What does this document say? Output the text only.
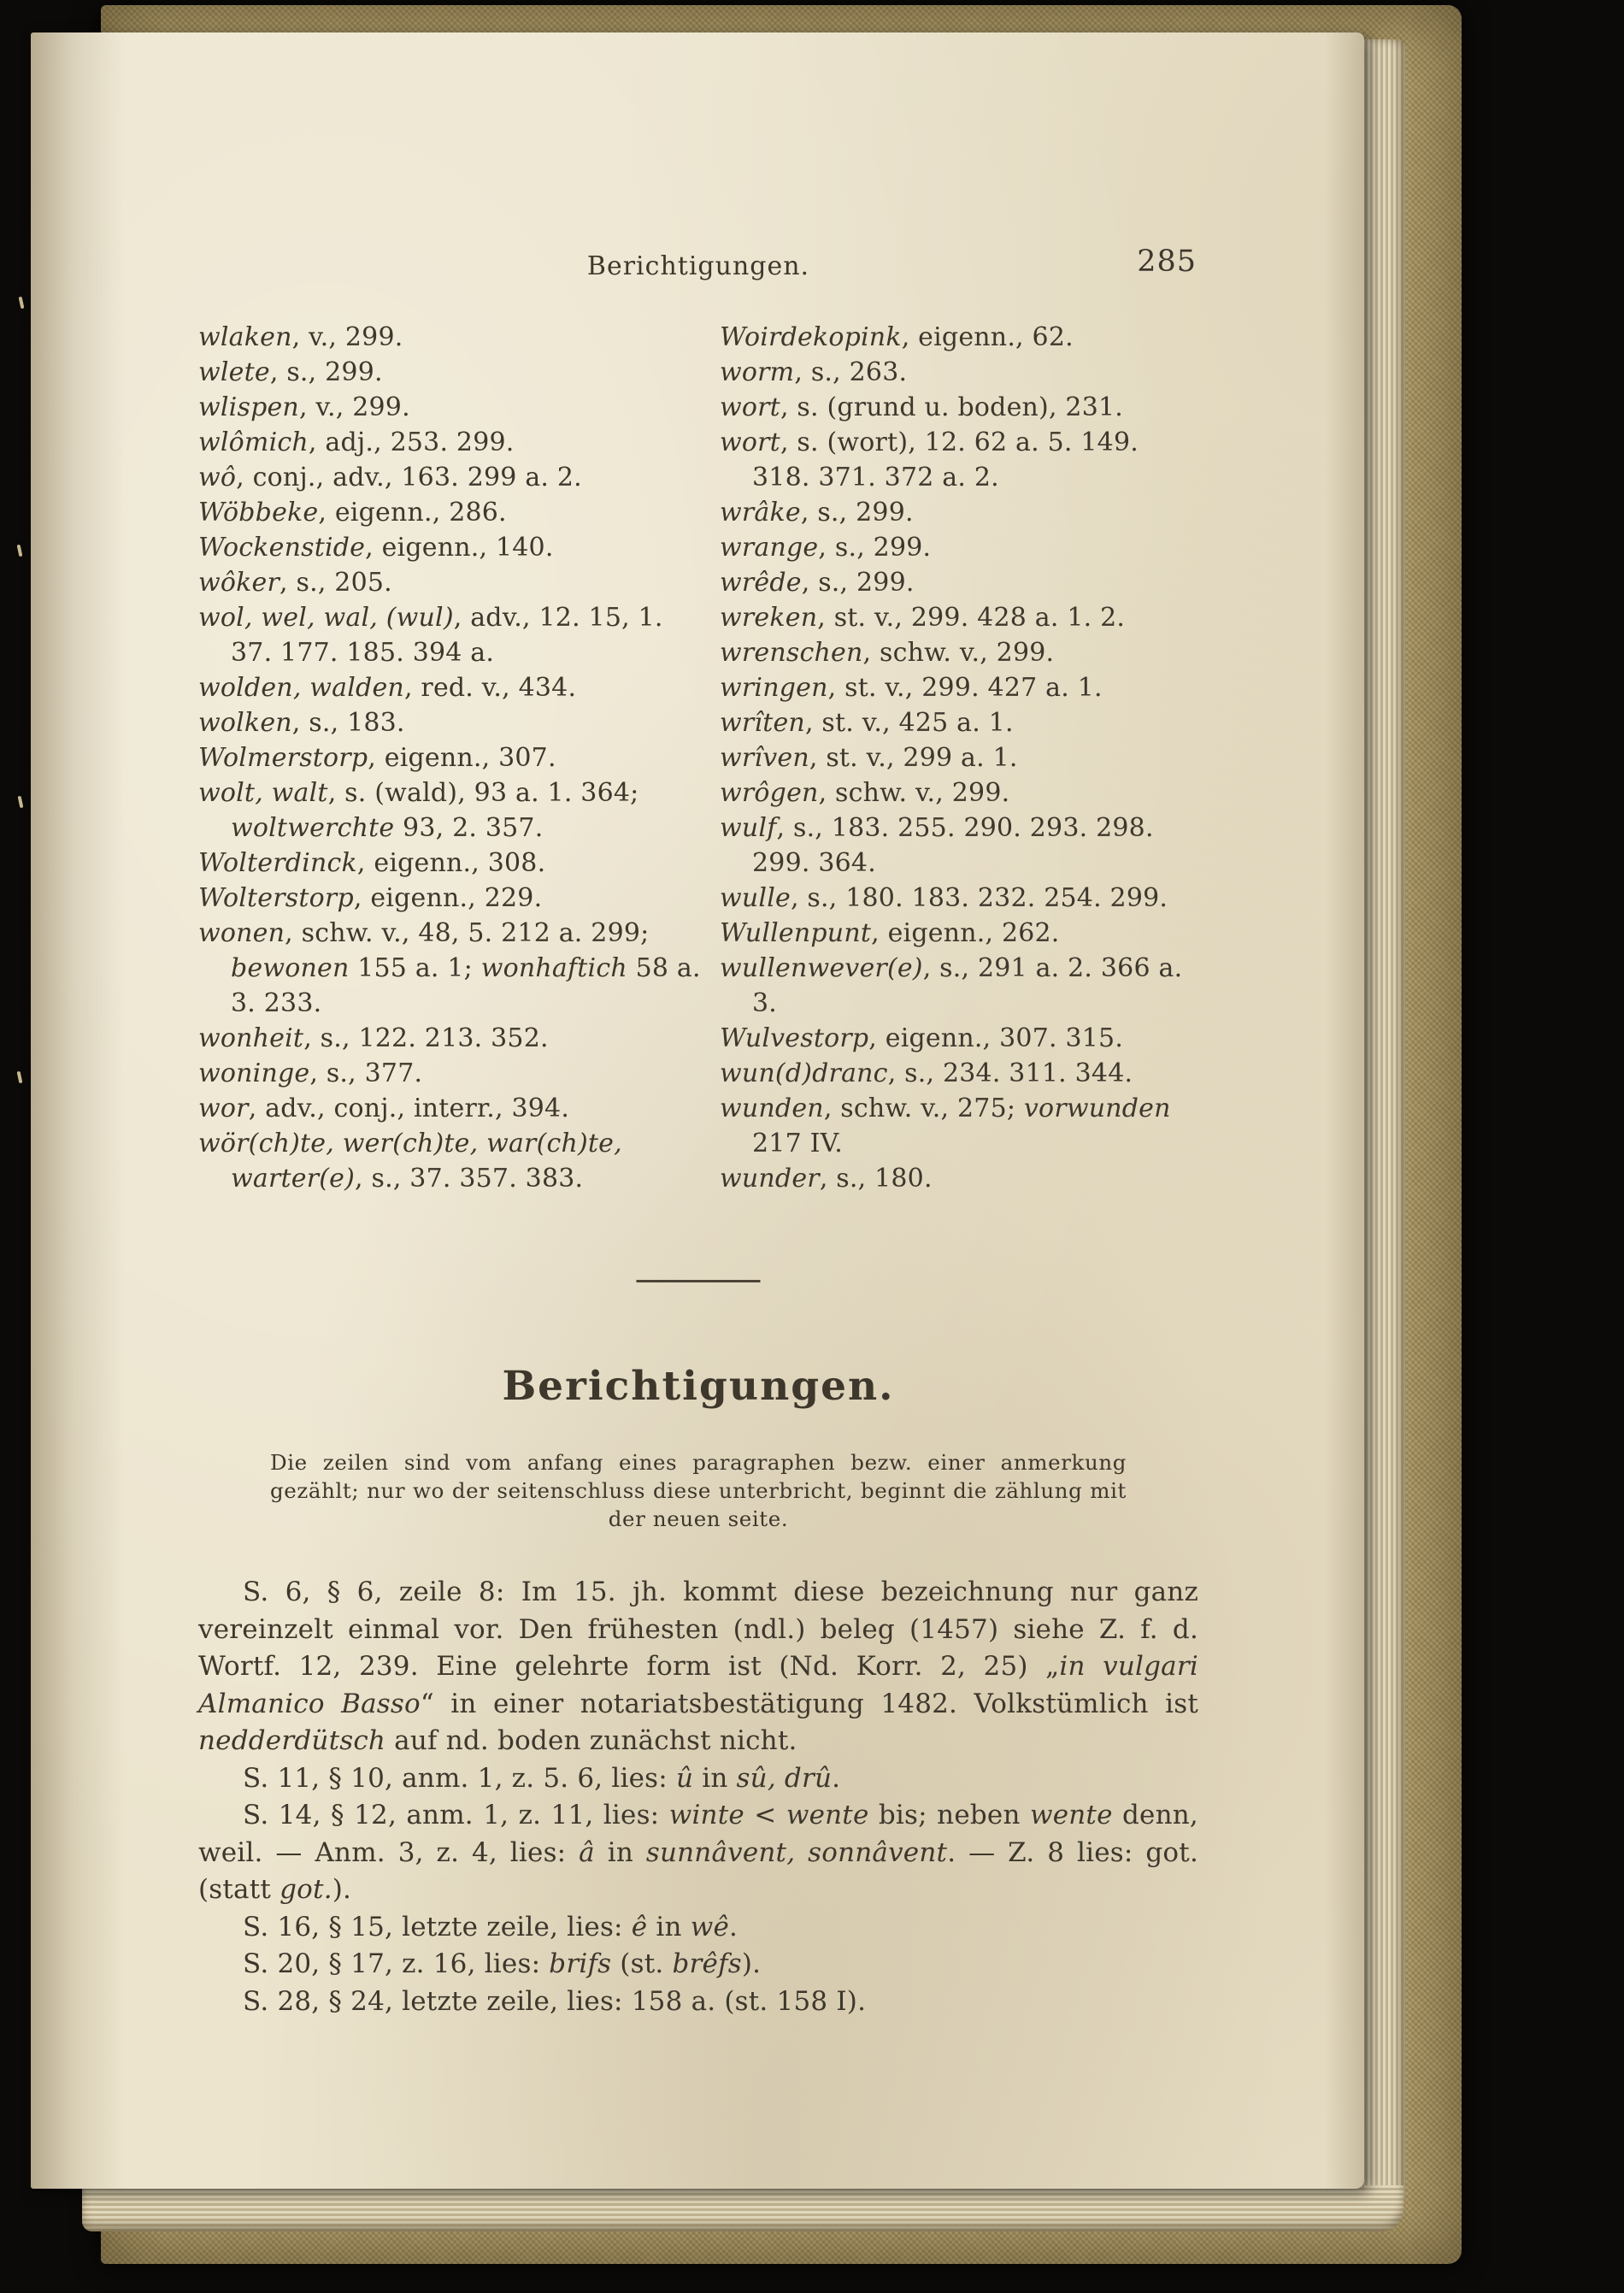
Berichtigungen.	285
wlaken, v., 299.
wlete, s., 299.
wlispen, v., 299.
wlômich, adj., 253. 299.
wô, conj., adv., 163. 299 a. 2.
Wöbbeke, eigenn., 286.
Wockenstide, eigenn., 140.
wôker, s., 205.
wol, wel, wal, (wul), adv., 12. 15, 1. 37. 177. 185. 394 a.
wolden, walden, red. v., 434.
wolken, s., 183.
Wolmerstorp, eigenn., 307.
wolt, walt, s. (wald), 93 a. 1. 364; woltwerchte 93, 2. 357.
Wolterdinck, eigenn., 308.
Wolterstorp, eigenn., 229.
wonen, schw. v., 48, 5. 212 a. 299; bewonen 155 a. 1; wonhaftich 58 a. 3. 233.
wonheit, s., 122. 213. 352.
woninge, s., 377.
wor, adv., conj., interr., 394.
wör(ch)te, wer(ch)te, war(ch)te, warter(e), s., 37. 357. 383.
Woirdekopink, eigenn., 62.
worm, s., 263.
wort, s. (grund u. boden), 231.
wort, s. (wort), 12. 62 a. 5. 149. 318. 371. 372 a. 2.
wrâke, s., 299.
wrange, s., 299.
wrêde, s., 299.
wreken, st. v., 299. 428 a. 1. 2.
wrenschen, schw. v., 299.
wringen, st. v., 299. 427 a. 1.
wrîten, st. v., 425 a. 1.
wrîven, st. v., 299 a. 1.
wrôgen, schw. v., 299.
wulf, s., 183. 255. 290. 293. 298. 299. 364.
wulle, s., 180. 183. 232. 254. 299.
Wullenpunt, eigenn., 262.
wullenwever(e), s., 291 a. 2. 366 a. 3.
Wulvestorp, eigenn., 307. 315.
wun(d)dranc, s., 234. 311. 344.
wunden, schw. v., 275; vorwunden 217 IV.
wunder, s., 180.
Berichtigungen.
Die zeilen sind vom anfang eines paragraphen bezw. einer anmerkung gezählt; nur wo der seitenschluss diese unterbricht, beginnt die zählung mit der neuen seite.

S. 6, § 6, zeile 8: Im 15. jh. kommt diese bezeichnung nur ganz vereinzelt einmal vor. Den frühesten (ndl.) beleg (1457) siehe Z. f. d. Wortf. 12, 239. Eine gelehrte form ist (Nd. Korr. 2, 25) „in vulgari Almanico Basso“ in einer notariatsbestätigung 1482. Volkstümlich ist nedderdütsch auf nd. boden zunächst nicht.

S. 11, § 10, anm. 1, z. 5. 6, lies: û in sû, drû.

S. 14, § 12, anm. 1, z. 11, lies: winte < wente bis; neben wente denn, weil. — Anm. 3, z. 4, lies: â in sunnâvent, sonnâvent. — Z. 8 lies: got. (statt got.).

S. 16, § 15, letzte zeile, lies: ê in wê.

S. 20, § 17, z. 16, lies: brifs (st. brêfs).

S. 28, § 24, letzte zeile, lies: 158 a. (st. 158 I).
